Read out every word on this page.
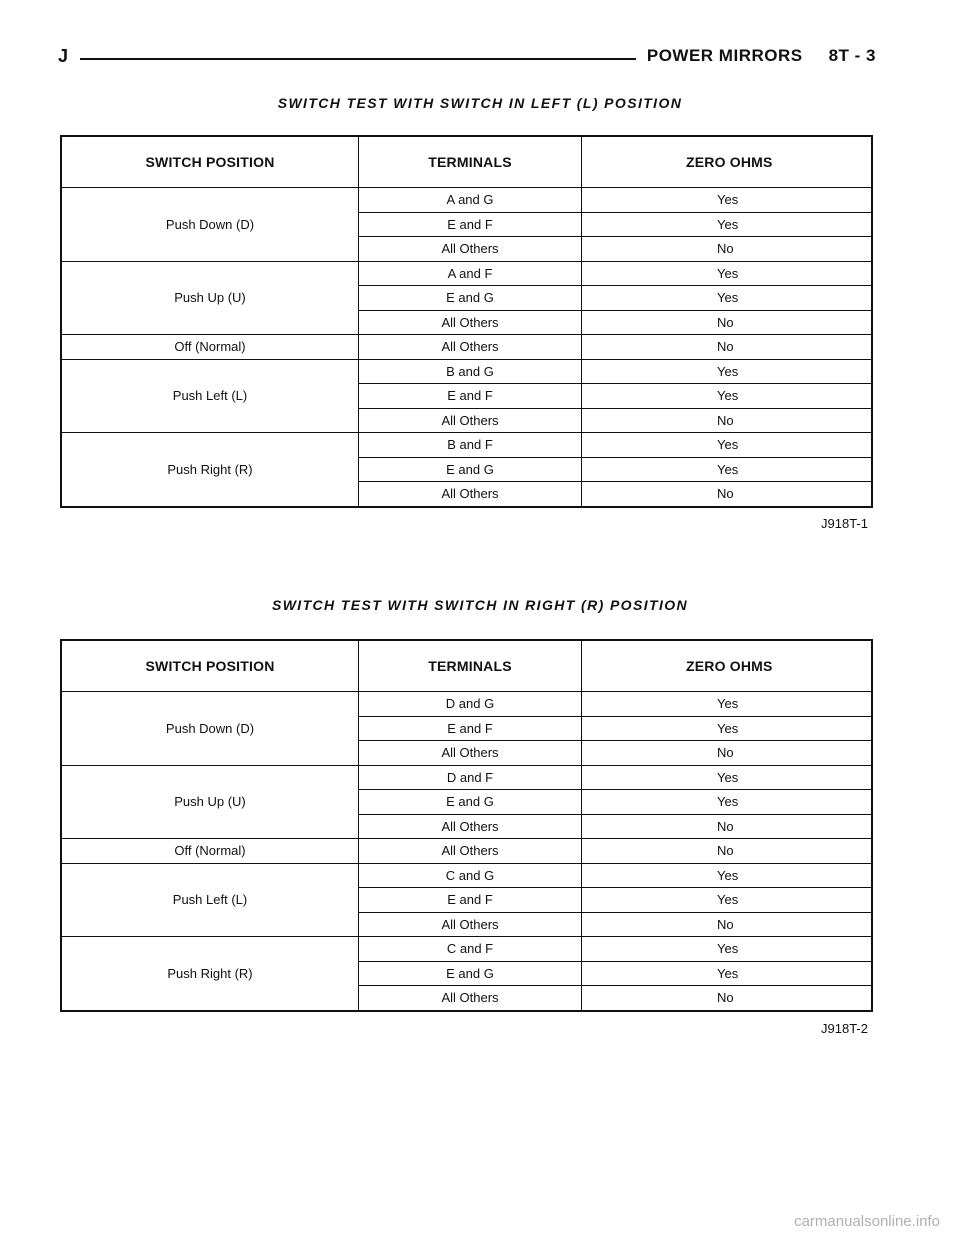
J	POWER MIRRORS 8T - 3
SWITCH TEST WITH SWITCH IN LEFT (L) POSITION
SWITCH POSITION	TERMINALS	ZERO OHMS
Push Down (D)	A and G	Yes
	E and F	Yes
	All Others	No
Push Up (U)	A and F	Yes
	E and G	Yes
	All Others	No
Off (Normal)	All Others	No
Push Left (L)	B and G	Yes
	E and F	Yes
	All Others	No
Push Right (R)	B and F	Yes
	E and G	Yes
	All Others	No
J918T-1
SWITCH TEST WITH SWITCH IN RIGHT (R) POSITION
SWITCH POSITION	TERMINALS	ZERO OHMS
Push Down (D)	D and G	Yes
	E and F	Yes
	All Others	No
Push Up (U)	D and F	Yes
	E and G	Yes
	All Others	No
Off (Normal)	All Others	No
Push Left (L)	C and G	Yes
	E and F	Yes
	All Others	No
Push Right (R)	C and F	Yes
	E and G	Yes
	All Others	No
J918T-2
carmanualsonline.info
